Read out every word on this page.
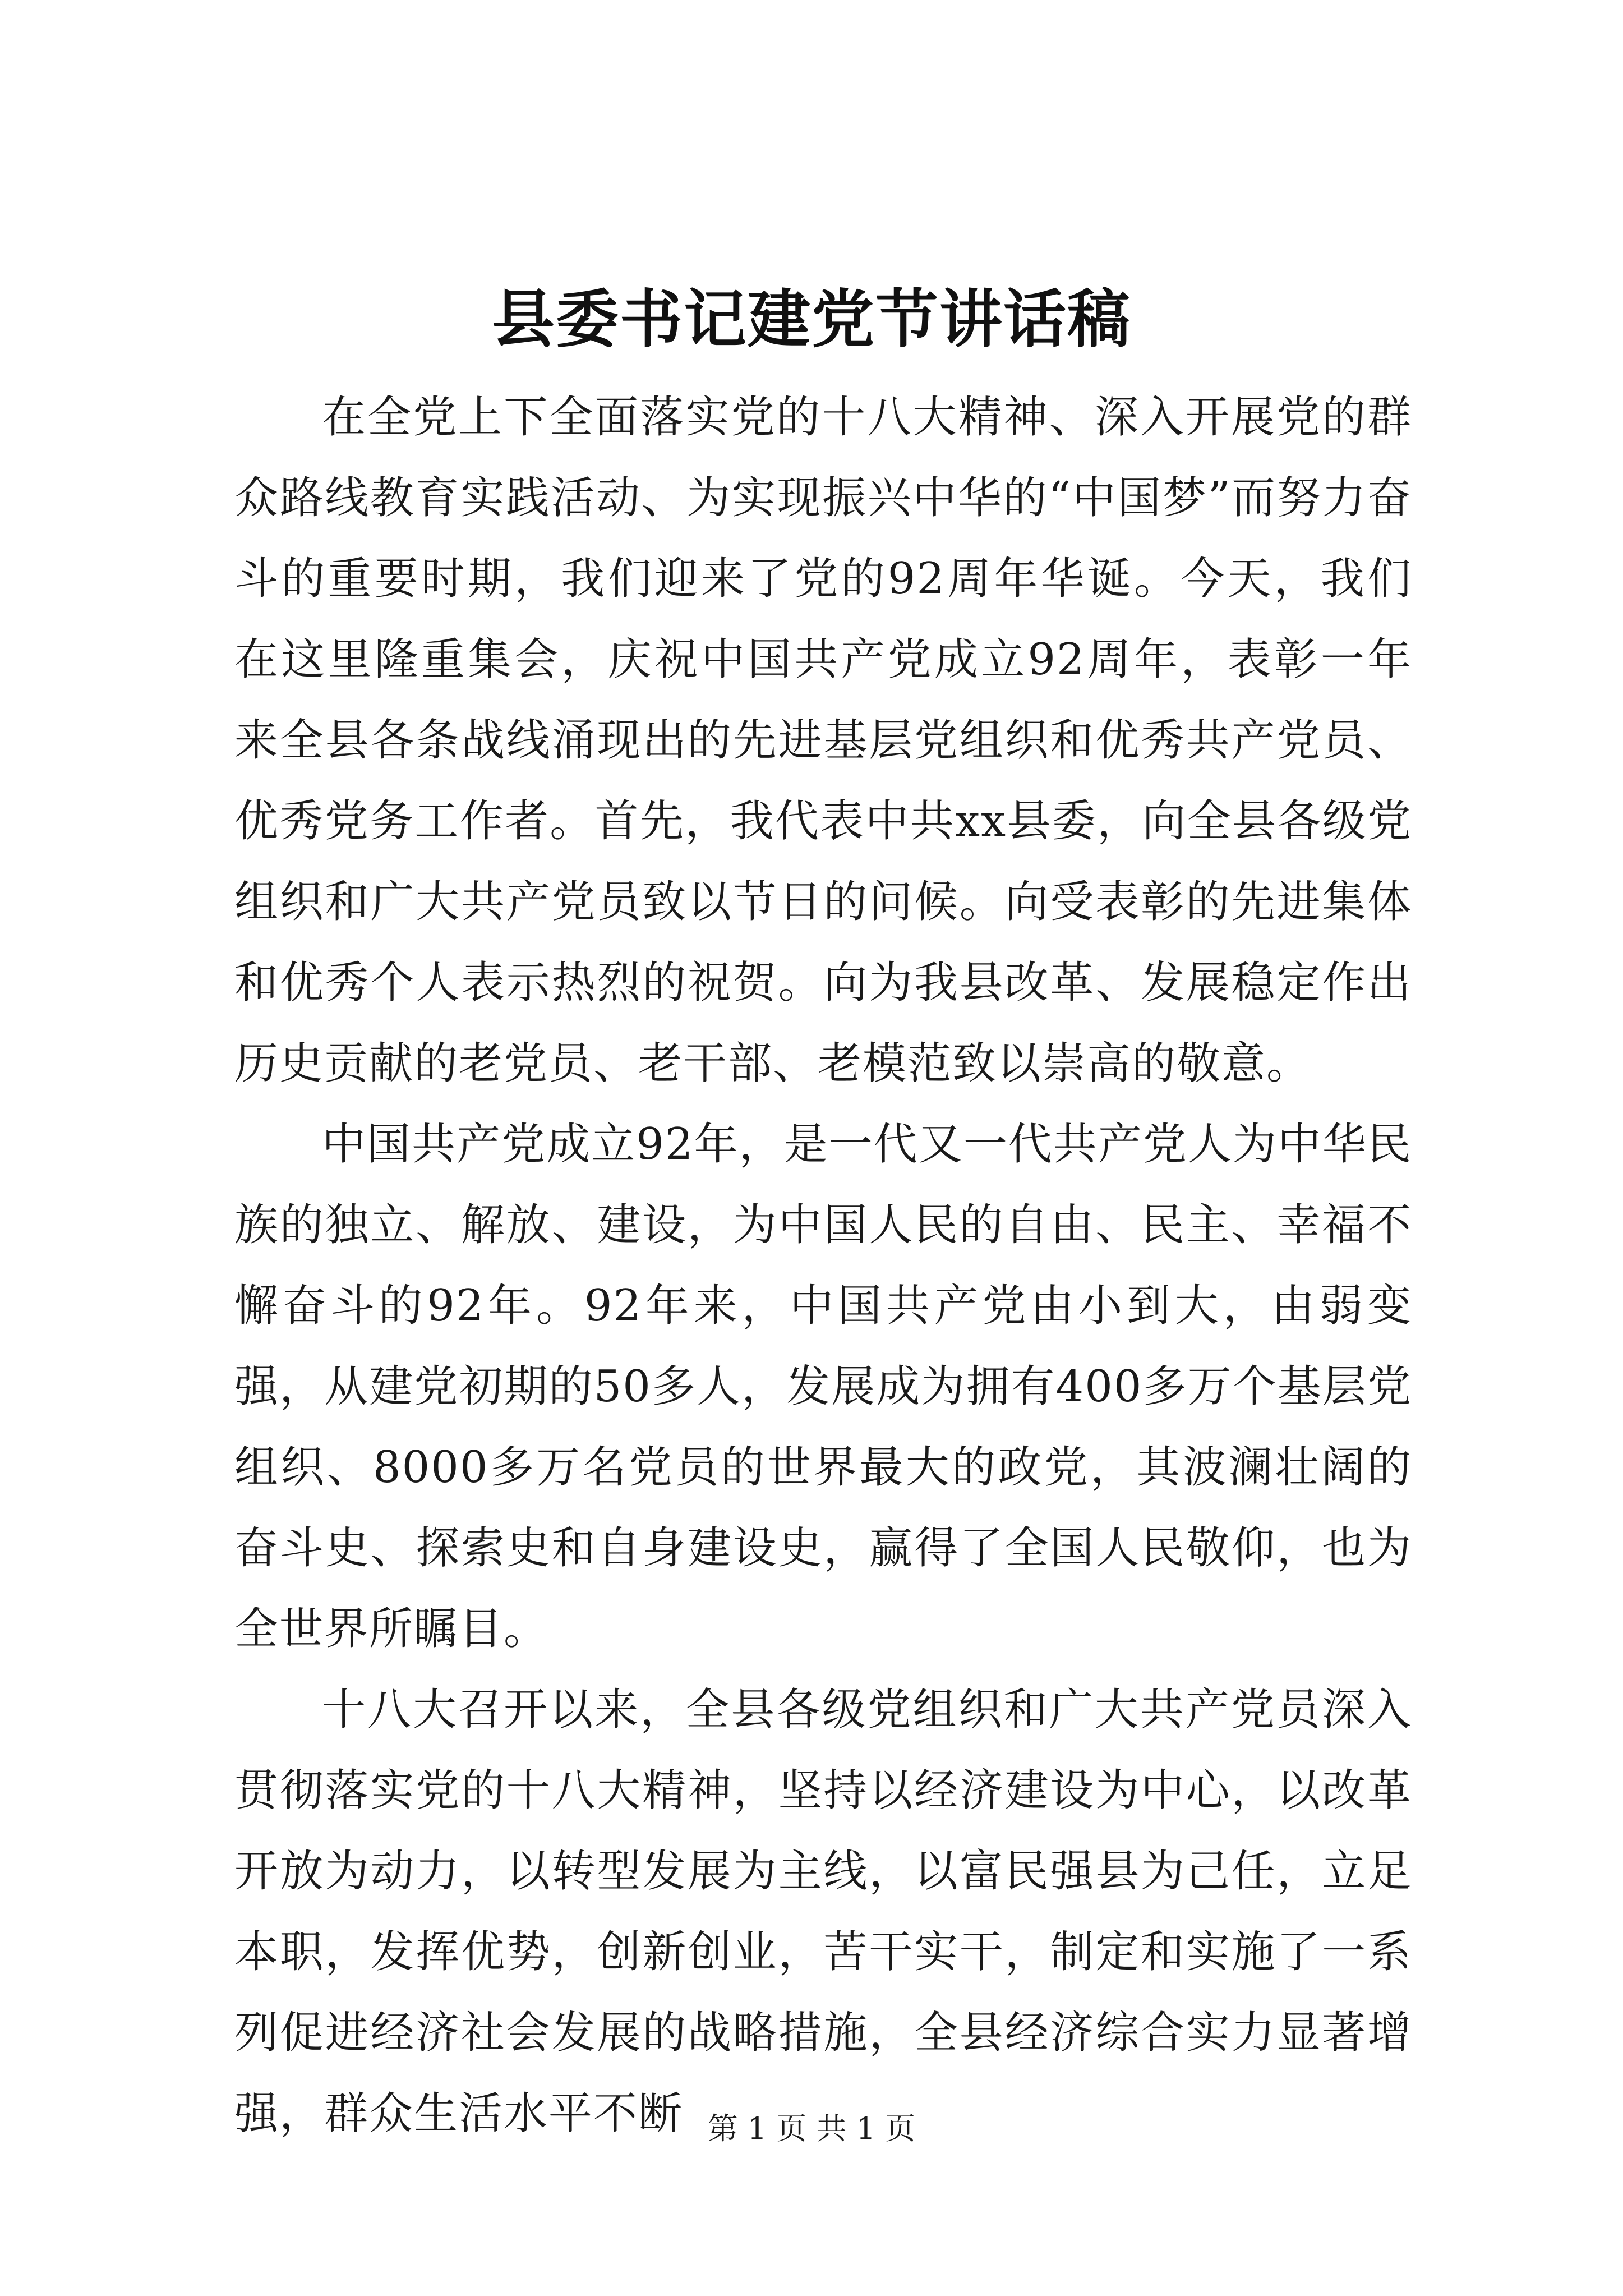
县委书记建党节讲话稿

在全党上下全面落实党的十八大精神、深入开展党的群众路线教育实践活动、为实现振兴中华的“中国梦”而努力奋斗的重要时期，我们迎来了党的92周年华诞。今天，我们在这里隆重集会，庆祝中国共产党成立92周年，表彰一年来全县各条战线涌现出的先进基层党组织和优秀共产党员、优秀党务工作者。首先，我代表中共xx县委，向全县各级党组织和广大共产党员致以节日的问候。向受表彰的先进集体和优秀个人表示热烈的祝贺。向为我县改革、发展稳定作出历史贡献的老党员、老干部、老模范致以崇高的敬意。

中国共产党成立92年，是一代又一代共产党人为中华民族的独立、解放、建设，为中国人民的自由、民主、幸福不懈奋斗的92年。92年来，中国共产党由小到大，由弱变强，从建党初期的50多人，发展成为拥有400多万个基层党组织、8000多万名党员的世界最大的政党，其波澜壮阔的奋斗史、探索史和自身建设史，赢得了全国人民敬仰，也为全世界所瞩目。

十八大召开以来，全县各级党组织和广大共产党员深入贯彻落实党的十八大精神，坚持以经济建设为中心，以改革开放为动力，以转型发展为主线，以富民强县为己任，立足本职，发挥优势，创新创业，苦干实干，制定和实施了一系列促进经济社会发展的战略措施，全县经济综合实力显著增强，群众生活水平不断 第 1 页 共 1 页
